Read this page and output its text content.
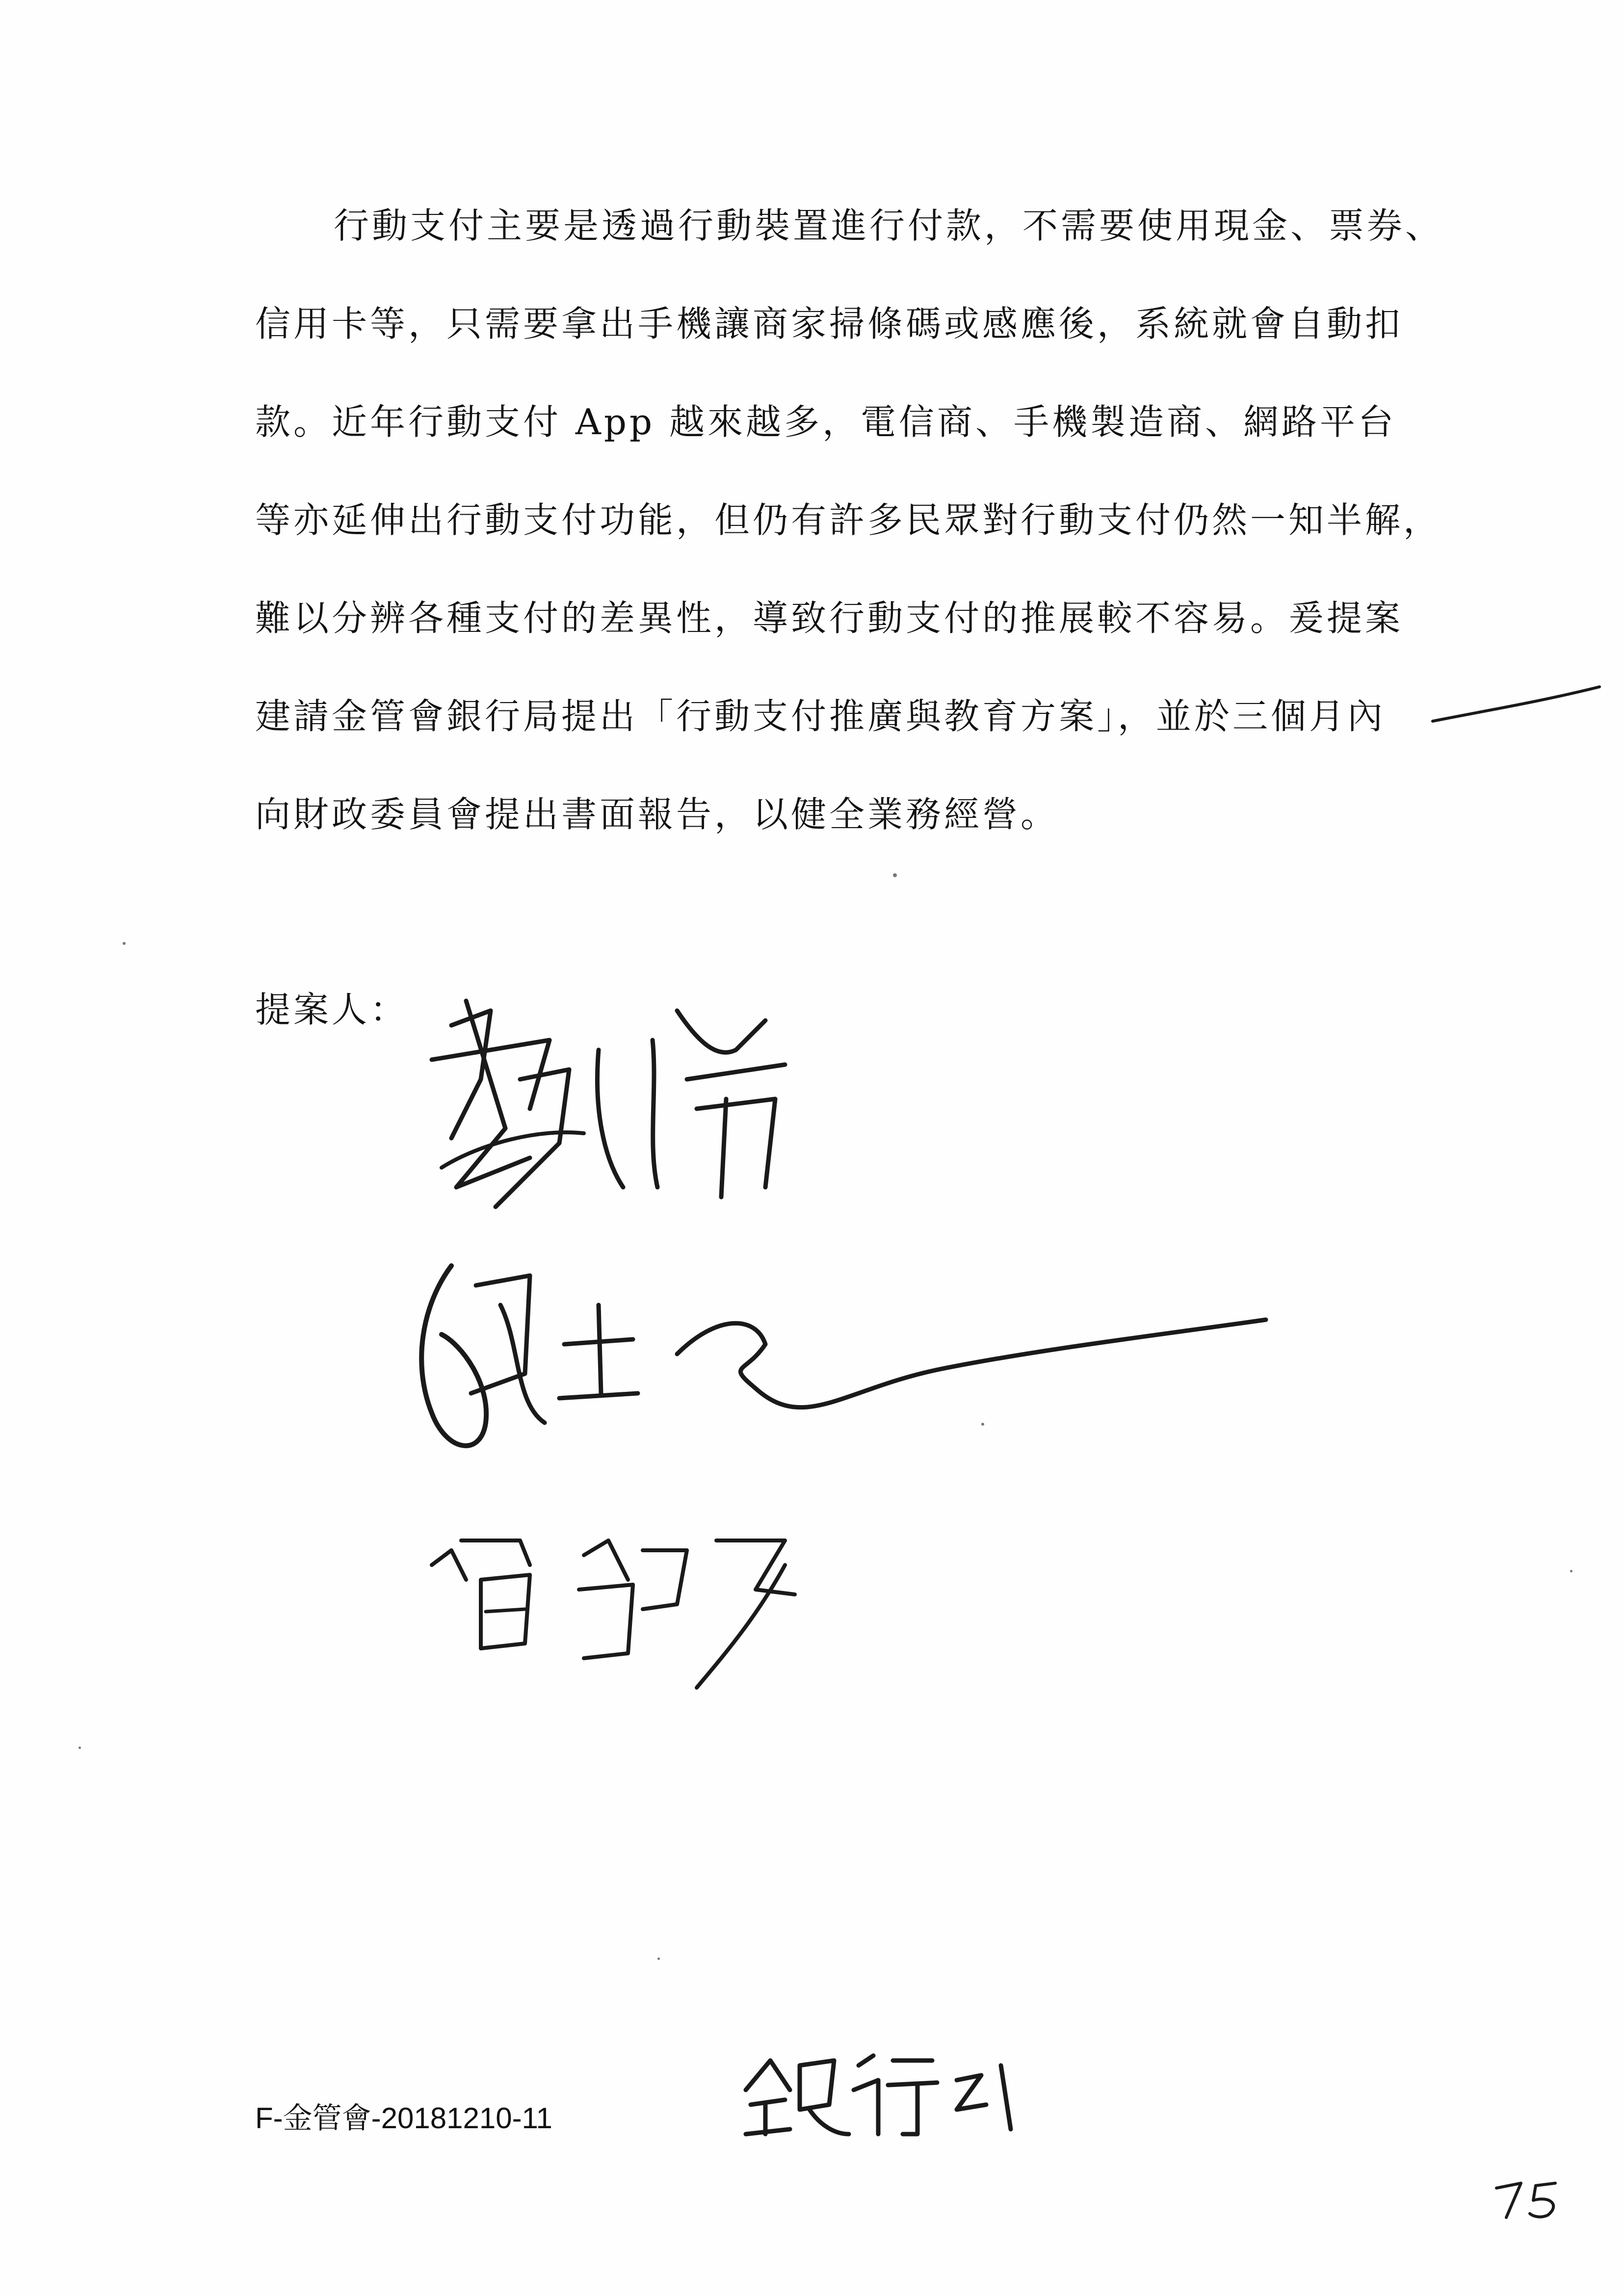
行動支付主要是透過行動裝置進行付款，不需要使用現金、票券、
信用卡等，只需要拿出手機讓商家掃條碼或感應後，系統就會自動扣
款。近年行動支付 App 越來越多，電信商、手機製造商、網路平台
等亦延伸出行動支付功能，但仍有許多民眾對行動支付仍然一知半解，
難以分辨各種支付的差異性，導致行動支付的推展較不容易。爰提案
建請金管會銀行局提出「行動支付推廣與教育方案」，並於三個月內
向財政委員會提出書面報告，以健全業務經營。
提案人：
F-金管會-20181210-11
